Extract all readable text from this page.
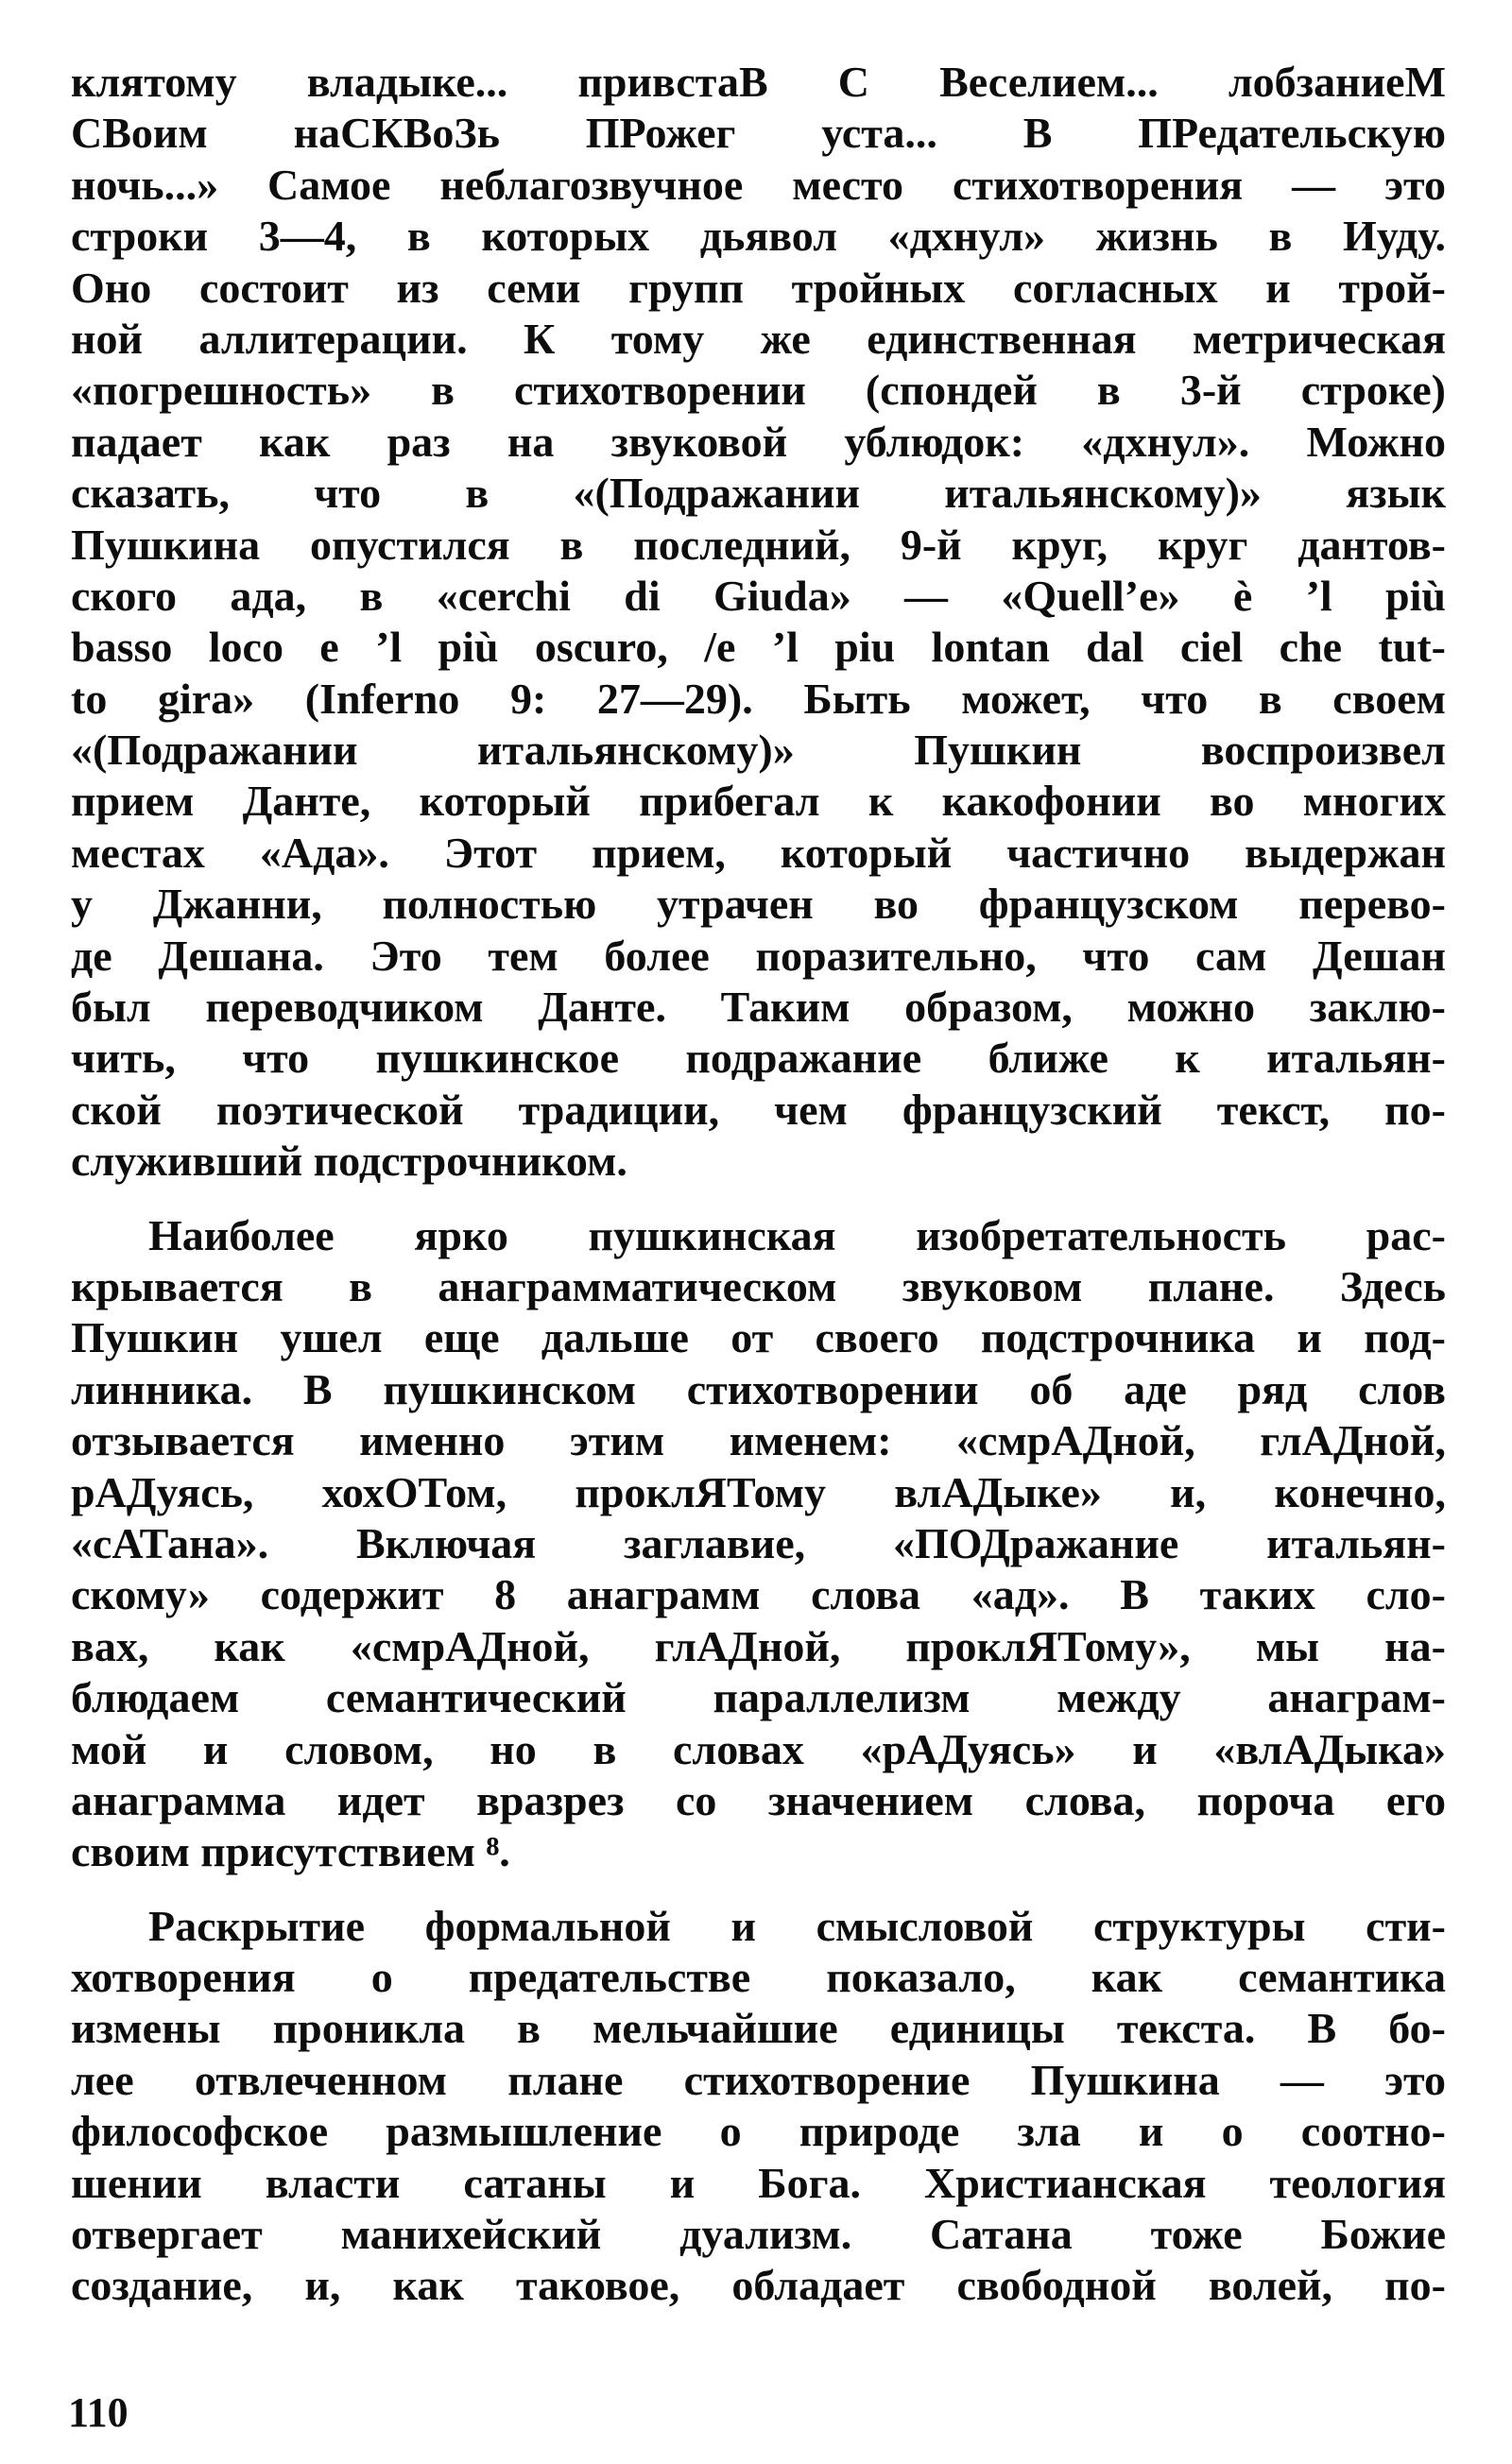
клятому владыке... привстаВ С Веселием... лобзаниеМ
СВоим наСКВоЗь ПРожег уста... В ПРедательскую
ночь...» Самое неблагозвучное место стихотворения — это
строки 3—4, в которых дьявол «дхнул» жизнь в Иуду.
Оно состоит из семи групп тройных согласных и трой-
ной аллитерации. К тому же единственная метрическая
«погрешность» в стихотворении (спондей в 3-й строке)
падает как раз на звуковой ублюдок: «дхнул». Можно
сказать, что в «(Подражании итальянскому)» язык
Пушкина опустился в последний, 9-й круг, круг дантов-
ского ада, в «cerchi di Giuda» — «Quell’e» è ’l più
basso loco e ’l più oscuro, /e ’l piu lontan dal ciel che tut-
to gira» (Inferno 9: 27—29). Быть может, что в своем
«(Подражании итальянскому)» Пушкин воспроизвел
прием Данте, который прибегал к какофонии во многих
местах «Ада». Этот прием, который частично выдержан
у Джанни, полностью утрачен во французском перево-
де Дешана. Это тем более поразительно, что сам Дешан
был переводчиком Данте. Таким образом, можно заклю-
чить, что пушкинское подражание ближе к итальян-
ской поэтической традиции, чем французский текст, по-
служивший подстрочником.
Наиболее ярко пушкинская изобретательность рас-
крывается в анаграмматическом звуковом плане. Здесь
Пушкин ушел еще дальше от своего подстрочника и под-
линника. В пушкинском стихотворении об аде ряд слов
отзывается именно этим именем: «смрАДной, глАДной,
рАДуясь, хохОТом, проклЯТому влАДыке» и, конечно,
«сАТана». Включая заглавие, «ПОДражание итальян-
скому» содержит 8 анаграмм слова «ад». В таких сло-
вах, как «смрАДной, глАДной, проклЯТому», мы на-
блюдаем семантический параллелизм между анаграм-
мой и словом, но в словах «рАДуясь» и «влАДыка»
анаграмма идет вразрез со значением слова, порочa его
своим присутствием ⁸.
Раскрытие формальной и смысловой структуры сти-
хотворения о предательстве показало, как семантика
измены проникла в мельчайшие единицы текста. В бо-
лее отвлеченном плане стихотворение Пушкина — это
философское размышление о природе зла и о соотно-
шении власти сатаны и Бога. Христианская теология
отвергает манихейский дуализм. Сатана тоже Божие
создание, и, как таковое, обладает свободной волей, по-
110
